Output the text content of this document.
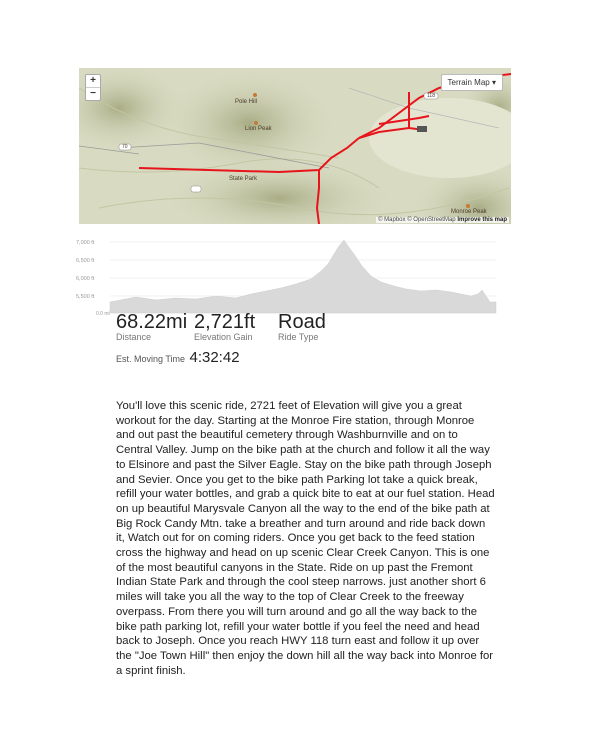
+
−
Terrain Map ▾
Pole Hill
Lion Peak
State Park
Monroe Peak
118
70
© Mapbox © OpenStreetMap Improve this map
7,000 ft
6,500 ft
6,000 ft
5,500 ft
0.0 mi 68.22mi
Distance
2,721ft
Elevation Gain
Road
Ride Type
Est. Moving Time 4:32:42

You'll love this scenic ride, 2721 feet of Elevation will give you a great workout for the day. Starting at the Monroe Fire station, through Monroe and out past the beautiful cemetery through Washburnville and on to Central Valley. Jump on the bike path at the church and follow it all the way to Elsinore and past the Silver Eagle. Stay on the bike path through Joseph and Sevier. Once you get to the bike path Parking lot take a quick break, refill your water bottles, and grab a quick bite to eat at our fuel station. Head on up beautiful Marysvale Canyon all the way to the end of the bike path at Big Rock Candy Mtn. take a breather and turn around and ride back down it, Watch out for on coming riders. Once you get back to the feed station cross the highway and head on up scenic Clear Creek Canyon. This is one of the most beautiful canyons in the State. Ride on up past the Fremont Indian State Park and through the cool steep narrows. just another short 6 miles will take you all the way to the top of Clear Creek to the freeway overpass. From there you will turn around and go all the way back to the bike path parking lot, refill your water bottle if you feel the need and head back to Joseph. Once you reach HWY 118 turn east and follow it up over the "Joe Town Hill" then enjoy the down hill all the way back into Monroe for a sprint finish.
